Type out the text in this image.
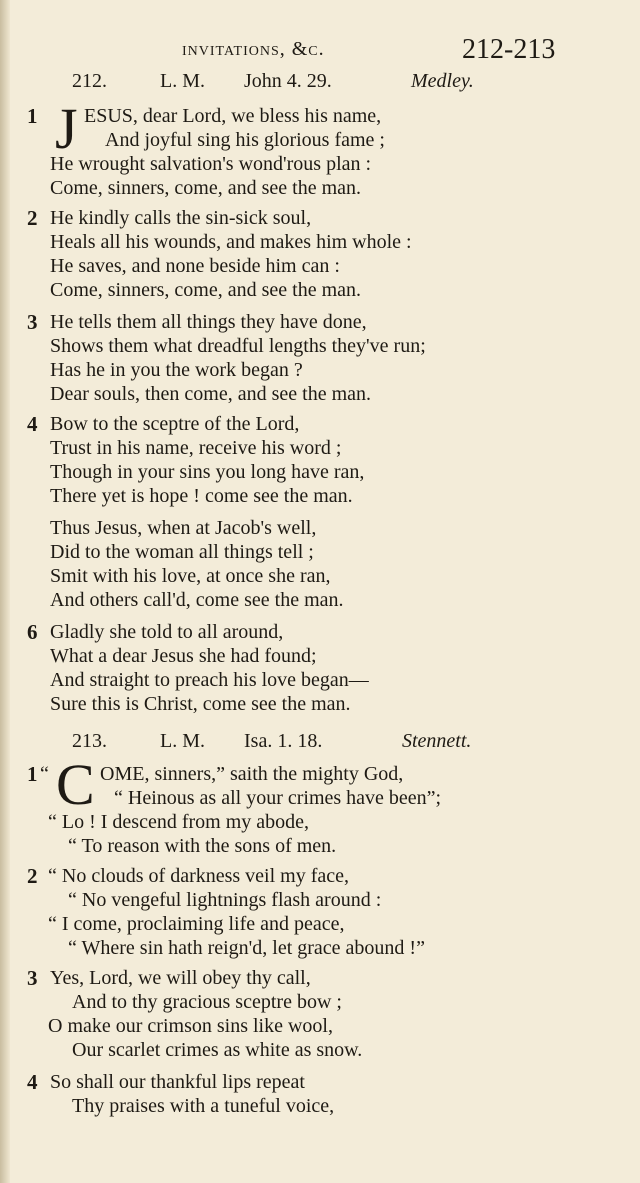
invitations, &c.	212-213
212.	L. M. John 4. 29.	Medley.
1 J ESUS, dear Lord, we bless his name,
And joyful sing his glorious fame ;
He wrought salvation's wond'rous plan :
Come, sinners, come, and see the man.
2 He kindly calls the sin-sick soul,
Heals all his wounds, and makes him whole :
He saves, and none beside him can :
Come, sinners, come, and see the man.
3 He tells them all things they have done,
Shows them what dreadful lengths they've run;
Has he in you the work began ?
Dear souls, then come, and see the man.
4 Bow to the sceptre of the Lord,
Trust in his name, receive his word ;
Though in your sins you long have ran,
There yet is hope ! come see the man.
Thus Jesus, when at Jacob's well,
Did to the woman all things tell ;
Smit with his love, at once she ran,
And others call'd, come see the man.
6 Gladly she told to all around,
What a dear Jesus she had found;
And straight to preach his love began—
Sure this is Christ, come see the man.
213.	L. M. Isa. 1. 18.	Stennett.
1 “ C OME, sinners,” saith the mighty God,
“ Heinous as all your crimes have been”;
“ Lo ! I descend from my abode,
“ To reason with the sons of men.
2 “ No clouds of darkness veil my face,
“ No vengeful lightnings flash around :
“ I come, proclaiming life and peace,
“ Where sin hath reign'd, let grace abound !”
3 Yes, Lord, we will obey thy call,
And to thy gracious sceptre bow ;
O make our crimson sins like wool,
Our scarlet crimes as white as snow.
4 So shall our thankful lips repeat
Thy praises with a tuneful voice,
